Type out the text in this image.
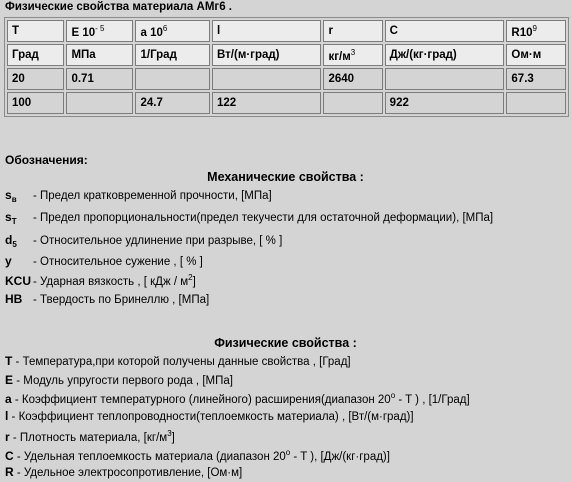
Физические свойства материала АМг6 .
T	E $10^{- 5}$	a $10^6$	l	r	C	$R10^9$
Град	МПа	1/Град	Вт/(м·град)	$кг/м^3$	Дж/(кг·град)	Ом·м
20	0.71			2640		67.3
100		24.7	122		922	
Обозначения:
Механические свойства :
$s_в$ - Предел кратковременной прочности, [МПа]
$s_T$ - Предел пропорциональности(предел текучести для остаточной деформации), [МПа]
$d_5$ - Относительное удлинение при разрыве, [ % ]
y - Относительное сужение , [ % ]
KCU - Ударная вязкость , [ кДж / $м^2$]
HB - Твердость по Бринеллю , [МПа]
Физические свойства :
T - Температура,при которой получены данные свойства , [Град]
E - Модуль упругости первого рода , [МПа]
a - Коэффициент температурного (линейного) расширения(диапазон 20$^o$ - T ) , [1/Град]
l - Коэффициент теплопроводности(теплоемкость материала) , [Вт/(м·град)]
r - Плотность материала, $[кг/м^3]$
C - Удельная теплоемкость материала (диапазон 20$^o$ - T ), [Дж/(кг·град)]
R - Удельное электросопротивление, [Ом·м]
